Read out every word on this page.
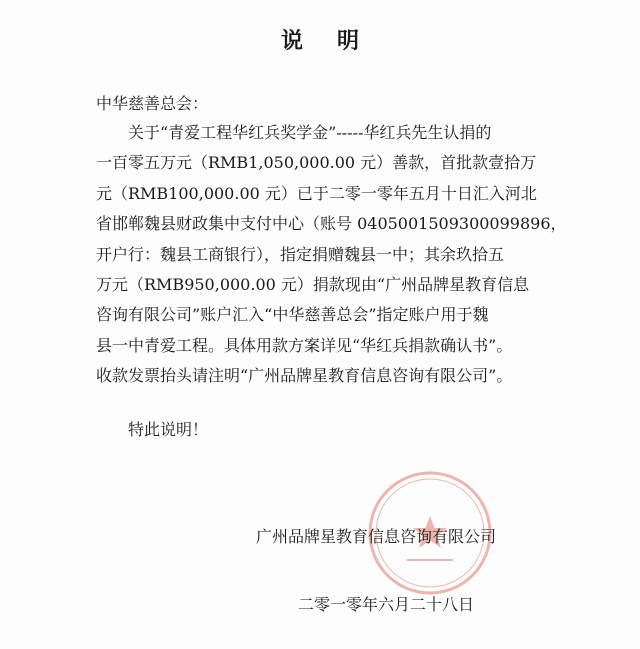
说明
中华慈善总会：
关于“青爱工程华红兵奖学金”-----华红兵先生认捐的
一百零五万元（RMB1,050,000.00 元）善款，首批款壹拾万
元（RMB100,000.00 元）已于二零一零年五月十日汇入河北
省邯郸魏县财政集中支付中心（账号 0405001509300099896，
开户行：魏县工商银行），指定捐赠魏县一中；其余玖拾五
万元（RMB950,000.00 元）捐款现由“广州品牌星教育信息
咨询有限公司”账户汇入“中华慈善总会”指定账户用于魏
县一中青爱工程。具体用款方案详见“华红兵捐款确认书”。
收款发票抬头请注明“广州品牌星教育信息咨询有限公司”。
特此说明！
广州品牌星教育信息咨询有限公司
二零一零年六月二十八日
